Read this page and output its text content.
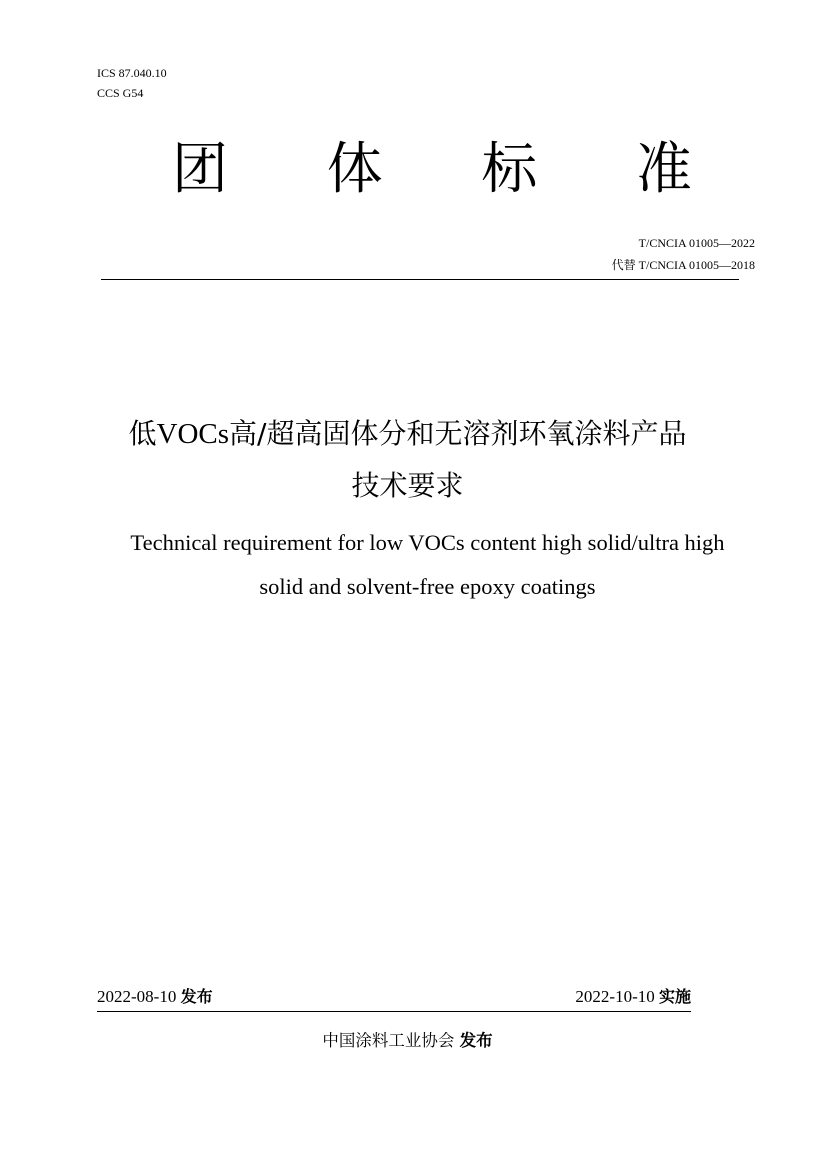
ICS 87.040.10
CCS G54
团 体 标 准
T/CNCIA 01005—2022
代替 T/CNCIA 01005—2018
低VOCs高/超高固体分和无溶剂环氧涂料产品
技术要求
Technical requirement for low VOCs content high solid/ultra high
solid and solvent-free epoxy coatings
2022-08-10 发布	2022-10-10 实施
中国涂料工业协会 发布
